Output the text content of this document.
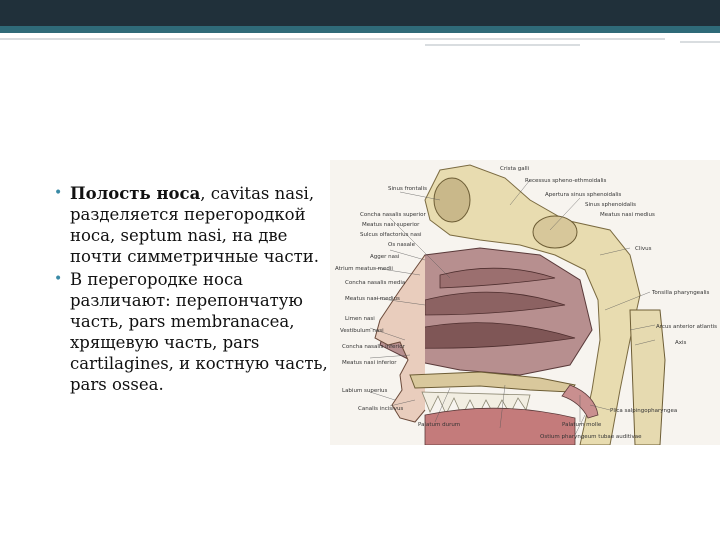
• Полость носа, cavitas nasi,
разделяется перегородкой
носа, septum nasi, на две
почти симметричные части.
• В перегородке носа
различают: перепончатую
часть, pars membranacea,
хрящевую часть, pars
cartilagines, и костную часть,
pars ossea.
Crista galli
Recessus spheno-ethmoidalis
Sinus frontalis
Apertura sinus sphenoidalis
Sinus sphenoidalis
Concha nasalis superior
Meatus nasi superior
Meatus nasi medius
Sulcus olfactorius nasi
Os nasale
Clivus
Agger nasi
Atrium meatus medii
Concha nasalis media
Meatus nasi medius
Tonsilla pharyngealis
Limen nasi
Vestibulum nasi
Concha nasalis inferior
Meatus nasi inferior
Arcus anterior atlantis
Axis
Labium superius
Canalis incisivus
Palatum durum
Plica salpingopharyngea
Palatum molle
Ostium pharyngeum tubae auditivae
